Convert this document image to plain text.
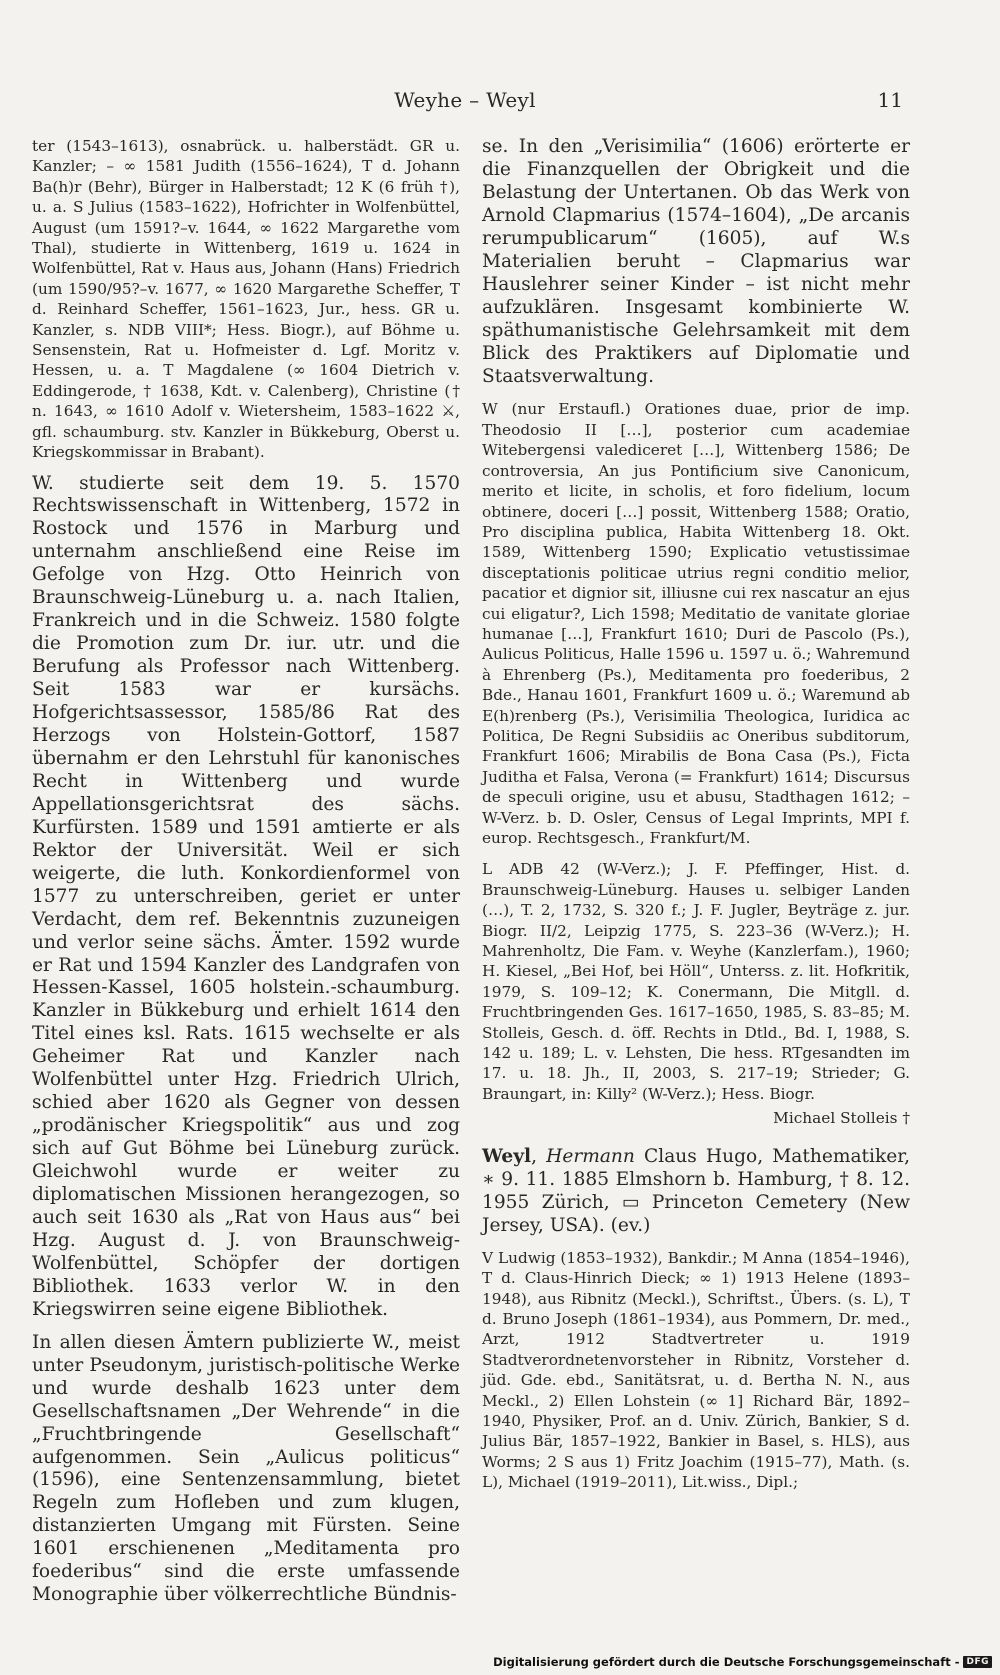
Weyhe – Weyl	11

ter (1543–1613), osnabrück. u. halberstädt. GR u. Kanzler; – ∞ 1581 Judith (1556–1624), T d. Johann Ba(h)r (Behr), Bürger in Halberstadt; 12 K (6 früh †), u. a. S Julius (1583–1622), Hofrichter in Wolfenbüttel, August (um 1591?–v. 1644, ∞ 1622 Margarethe vom Thal), studierte in Wittenberg, 1619 u. 1624 in Wolfenbüttel, Rat v. Haus aus, Johann (Hans) Friedrich (um 1590/95?–v. 1677, ∞ 1620 Margarethe Scheffer, T d. Reinhard Scheffer, 1561–1623, Jur., hess. GR u. Kanzler, s. NDB VIII*; Hess. Biogr.), auf Böhme u. Sensenstein, Rat u. Hofmeister d. Lgf. Moritz v. Hessen, u. a. T Magdalene (∞ 1604 Dietrich v. Eddingerode, † 1638, Kdt. v. Calenberg), Christine († n. 1643, ∞ 1610 Adolf v. Wietersheim, 1583–1622 ⚔, gfl. schaumburg. stv. Kanzler in Bükkeburg, Oberst u. Kriegskommissar in Brabant).

W. studierte seit dem 19. 5. 1570 Rechtswissenschaft in Wittenberg, 1572 in Rostock und 1576 in Marburg und unternahm anschließend eine Reise im Gefolge von Hzg. Otto Heinrich von Braunschweig-Lüneburg u. a. nach Italien, Frankreich und in die Schweiz. 1580 folgte die Promotion zum Dr. iur. utr. und die Berufung als Professor nach Wittenberg. Seit 1583 war er kursächs. Hofgerichtsassessor, 1585/86 Rat des Herzogs von Holstein-Gottorf, 1587 übernahm er den Lehrstuhl für kanonisches Recht in Wittenberg und wurde Appellationsgerichtsrat des sächs. Kurfürsten. 1589 und 1591 amtierte er als Rektor der Universität. Weil er sich weigerte, die luth. Konkordienformel von 1577 zu unterschreiben, geriet er unter Verdacht, dem ref. Bekenntnis zuzuneigen und verlor seine sächs. Ämter. 1592 wurde er Rat und 1594 Kanzler des Landgrafen von Hessen-Kassel, 1605 holstein.-schaumburg. Kanzler in Bükkeburg und erhielt 1614 den Titel eines ksl. Rats. 1615 wechselte er als Geheimer Rat und Kanzler nach Wolfenbüttel unter Hzg. Friedrich Ulrich, schied aber 1620 als Gegner von dessen „prodänischer Kriegspolitik“ aus und zog sich auf Gut Böhme bei Lüneburg zurück. Gleichwohl wurde er weiter zu diplomatischen Missionen herangezogen, so auch seit 1630 als „Rat von Haus aus“ bei Hzg. August d. J. von Braunschweig-Wolfenbüttel, Schöpfer der dortigen Bibliothek. 1633 verlor W. in den Kriegswirren seine eigene Bibliothek.

In allen diesen Ämtern publizierte W., meist unter Pseudonym, juristisch-politische Werke und wurde deshalb 1623 unter dem Gesellschaftsnamen „Der Wehrende“ in die „Fruchtbringende Gesellschaft“ aufgenommen. Sein „Aulicus politicus“ (1596), eine Sentenzensammlung, bietet Regeln zum Hofleben und zum klugen, distanzierten Umgang mit Fürsten. Seine 1601 erschienenen „Meditamenta pro foederibus“ sind die erste umfassende Monographie über völkerrechtliche Bündnis-

se. In den „Verisimilia“ (1606) erörterte er die Finanzquellen der Obrigkeit und die Belastung der Untertanen. Ob das Werk von Arnold Clapmarius (1574–1604), „De arcanis rerumpublicarum“ (1605), auf W.s Materialien beruht – Clapmarius war Hauslehrer seiner Kinder – ist nicht mehr aufzuklären. Insgesamt kombinierte W. späthumanistische Gelehrsamkeit mit dem Blick des Praktikers auf Diplomatie und Staatsverwaltung.

W (nur Erstaufl.) Orationes duae, prior de imp. Theodosio II […], posterior cum academiae Witebergensi valediceret […], Wittenberg 1586; De controversia, An jus Pontificium sive Canonicum, merito et licite, in scholis, et foro fidelium, locum obtinere, doceri […] possit, Wittenberg 1588; Oratio, Pro disciplina publica, Habita Wittenberg 18. Okt. 1589, Wittenberg 1590; Explicatio vetustissimae disceptationis politicae utrius regni conditio melior, pacatior et dignior sit, illiusne cui rex nascatur an ejus cui eligatur?, Lich 1598; Meditatio de vanitate gloriae humanae […], Frankfurt 1610; Duri de Pascolo (Ps.), Aulicus Politicus, Halle 1596 u. 1597 u. ö.; Wahremund à Ehrenberg (Ps.), Meditamenta pro foederibus, 2 Bde., Hanau 1601, Frankfurt 1609 u. ö.; Waremund ab E(h)renberg (Ps.), Verisimilia Theologica, Iuridica ac Politica, De Regni Subsidiis ac Oneribus subditorum, Frankfurt 1606; Mirabilis de Bona Casa (Ps.), Ficta Juditha et Falsa, Verona (= Frankfurt) 1614; Discursus de speculi origine, usu et abusu, Stadthagen 1612; – W-Verz. b. D. Osler, Census of Legal Imprints, MPI f. europ. Rechtsgesch., Frankfurt/M.

L ADB 42 (W-Verz.); J. F. Pfeffinger, Hist. d. Braunschweig-Lüneburg. Hauses u. selbiger Landen (…), T. 2, 1732, S. 320 f.; J. F. Jugler, Beyträge z. jur. Biogr. II/2, Leipzig 1775, S. 223–36 (W-Verz.); H. Mahrenholtz, Die Fam. v. Weyhe (Kanzlerfam.), 1960; H. Kiesel, „Bei Hof, bei Höll“, Unterss. z. lit. Hofkritik, 1979, S. 109–12; K. Conermann, Die Mitgll. d. Fruchtbringenden Ges. 1617–1650, 1985, S. 83–85; M. Stolleis, Gesch. d. öff. Rechts in Dtld., Bd. I, 1988, S. 142 u. 189; L. v. Lehsten, Die hess. RTgesandten im 17. u. 18. Jh., II, 2003, S. 217–19; Strieder; G. Braungart, in: Killy² (W-Verz.); Hess. Biogr.

Michael Stolleis †

Weyl, Hermann Claus Hugo, Mathematiker, ∗ 9. 11. 1885 Elmshorn b. Hamburg, † 8. 12. 1955 Zürich, ▭ Princeton Cemetery (New Jersey, USA). (ev.)

V Ludwig (1853–1932), Bankdir.; M Anna (1854–1946), T d. Claus-Hinrich Dieck; ∞ 1) 1913 Helene (1893–1948), aus Ribnitz (Meckl.), Schriftst., Übers. (s. L), T d. Bruno Joseph (1861–1934), aus Pommern, Dr. med., Arzt, 1912 Stadtvertreter u. 1919 Stadtverordnetenvorsteher in Ribnitz, Vorsteher d. jüd. Gde. ebd., Sanitätsrat, u. d. Bertha N. N., aus Meckl., 2) Ellen Lohstein (∞ 1] Richard Bär, 1892–1940, Physiker, Prof. an d. Univ. Zürich, Bankier, S d. Julius Bär, 1857–1922, Bankier in Basel, s. HLS), aus Worms; 2 S aus 1) Fritz Joachim (1915–77), Math. (s. L), Michael (1919–2011), Lit.wiss., Dipl.;

Digitalisierung gefördert durch die Deutsche Forschungsgemeinschaft - DFG
